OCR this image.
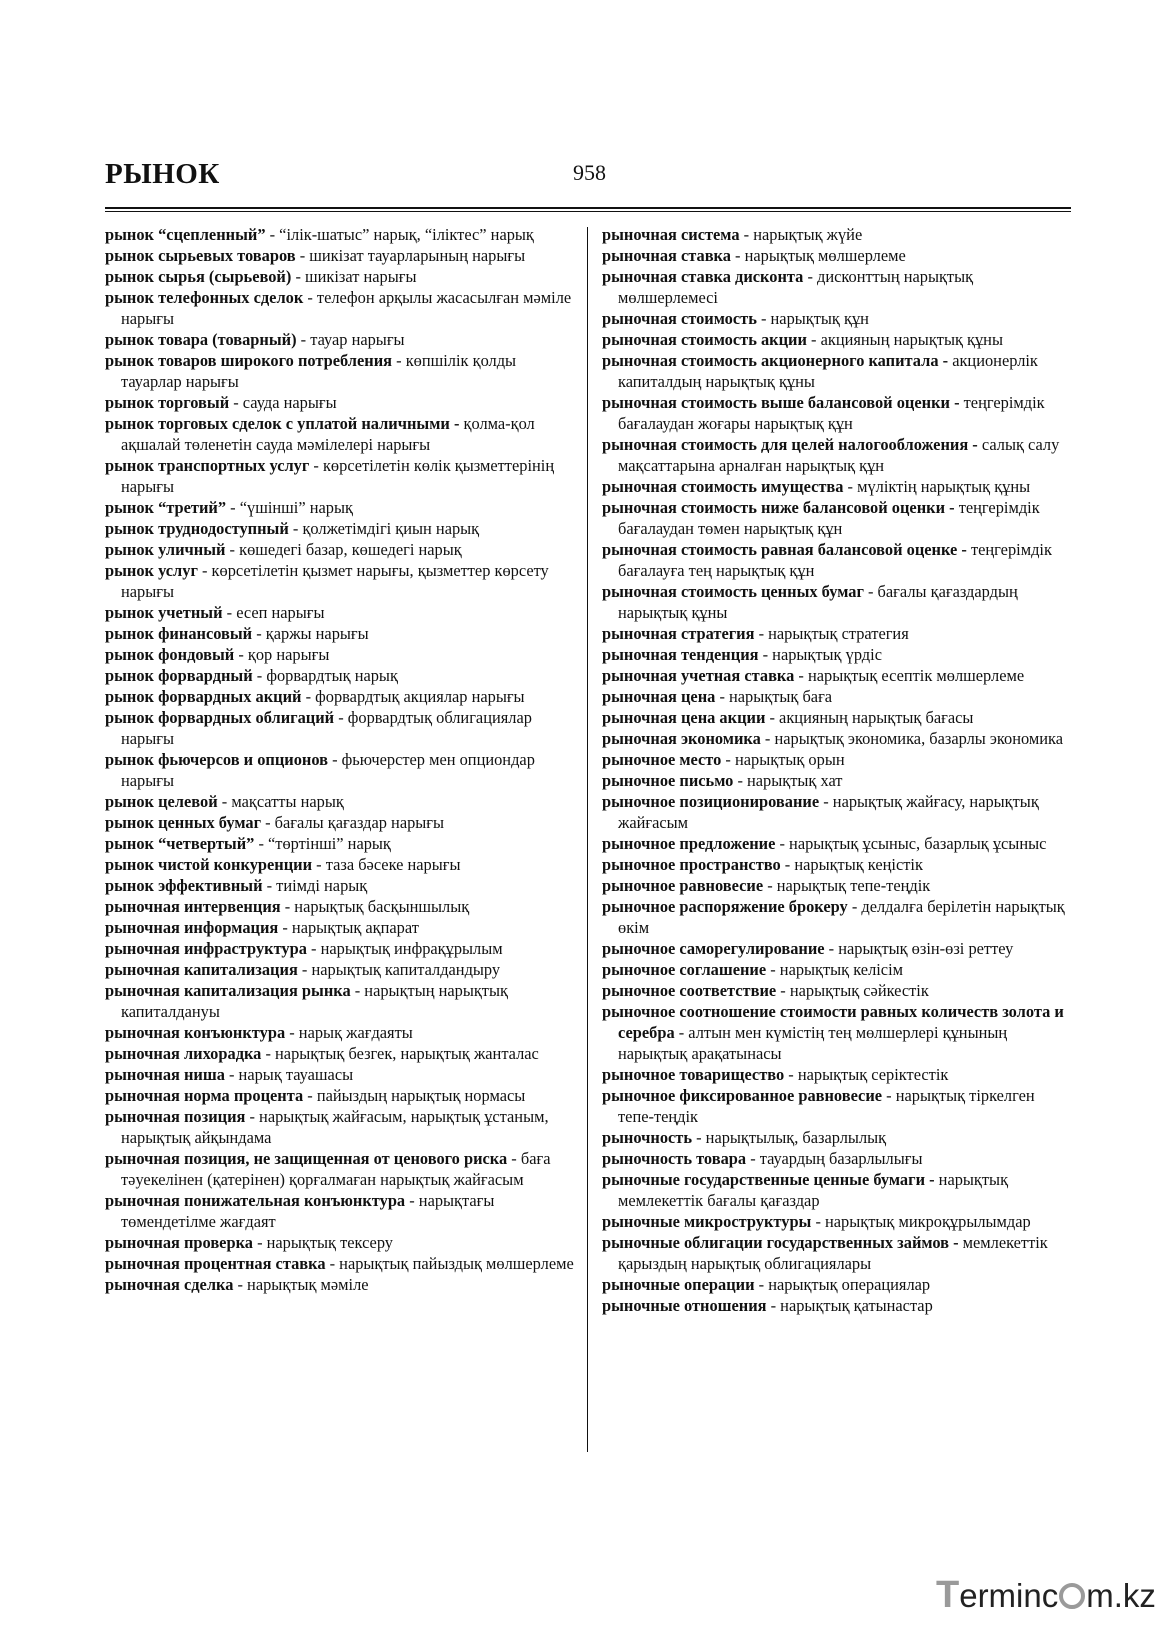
РЫНОК	958
рынок “сцепленный” - “ілік-шатыс” нарық, “іліктес” нарық
рынок сырьевых товаров - шикізат тауарларының нарығы
рынок сырья (сырьевой) - шикізат нарығы
рынок телефонных сделок - телефон арқылы жасасылған мәміле нарығы
рынок товара (товарный) - тауар нарығы
рынок товаров широкого потребления - көпшілік қолды тауарлар нарығы
рынок торговый - сауда нарығы
рынок торговых сделок с уплатой наличными - қолма-қол ақшалай төленетін сауда мәмілелері нарығы
рынок транспортных услуг - көрсетілетін көлік қызметтерінің нарығы
рынок “третий” - “үшінші” нарық
рынок труднодоступный - қолжетімдігі қиын нарық
рынок уличный - көшедегі базар, көшедегі нарық
рынок услуг - көрсетілетін қызмет нарығы, қызметтер көрсету нарығы
рынок учетный - есеп нарығы
рынок финансовый - қаржы нарығы
рынок фондовый - қор нарығы
рынок форвардный - форвардтық нарық
рынок форвардных акций - форвардтық акциялар нарығы
рынок форвардных облигаций - форвардтық облигациялар нарығы
рынок фьючерсов и опционов - фьючерстер мен опциондар нарығы
рынок целевой - мақсатты нарық
рынок ценных бумаг - бағалы қағаздар нарығы
рынок “четвертый” - “төртінші” нарық
рынок чистой конкуренции - таза бәсеке нарығы
рынок эффективный - тиімді нарық
рыночная интервенция - нарықтық басқыншылық
рыночная информация - нарықтық ақпарат
рыночная инфраструктура - нарықтық инфрақұрылым
рыночная капитализация - нарықтық капиталдандыру
рыночная капитализация рынка - нарықтың нарықтық капиталдануы
рыночная конъюнктура - нарық жағдаяты
рыночная лихорадка - нарықтық безгек, нарықтық жанталас
рыночная ниша - нарық тауашасы
рыночная норма процента - пайыздың нарықтық нормасы
рыночная позиция - нарықтық жайғасым, нарықтық ұстаным, нарықтық айқындама
рыночная позиция, не защищенная от ценового риска - баға тәуекелінен (қатерінен) қорғалмаған нарықтық жайғасым
рыночная понижательная конъюнктура - нарықтағы төмендетілме жағдаят
рыночная проверка - нарықтық тексеру
рыночная процентная ставка - нарықтық пайыздық мөлшерлеме
рыночная сделка - нарықтық мәміле
рыночная система - нарықтық жүйе
рыночная ставка - нарықтық мөлшерлеме
рыночная ставка дисконта - дисконттың нарықтық мөлшерлемесі
рыночная стоимость - нарықтық құн
рыночная стоимость акции - акцияның нарықтық құны
рыночная стоимость акционерного капитала - акционерлік капиталдың нарықтық құны
рыночная стоимость выше балансовой оценки - теңгерімдік бағалаудан жоғары нарықтық құн
рыночная стоимость для целей налогообложения - салық салу мақсаттарына арналған нарықтық құн
рыночная стоимость имущества - мүліктің нарықтық құны
рыночная стоимость ниже балансовой оценки - теңгерімдік бағалаудан төмен нарықтық құн
рыночная стоимость равная балансовой оценке - теңгерімдік бағалауға тең нарықтық құн
рыночная стоимость ценных бумаг - бағалы қағаздардың нарықтық құны
рыночная стратегия - нарықтық стратегия
рыночная тенденция - нарықтық үрдіс
рыночная учетная ставка - нарықтық есептік мөлшерлеме
рыночная цена - нарықтық баға
рыночная цена акции - акцияның нарықтық бағасы
рыночная экономика - нарықтық экономика, базарлы экономика
рыночное место - нарықтық орын
рыночное письмо - нарықтық хат
рыночное позиционирование - нарықтық жайғасу, нарықтық жайғасым
рыночное предложение - нарықтық ұсыныс, базарлық ұсыныс
рыночное пространство - нарықтық кеңістік
рыночное равновесие - нарықтық тепе-теңдік
рыночное распоряжение брокеру - делдалға берілетін нарықтық өкім
рыночное саморегулирование - нарықтық өзін-өзі реттеу
рыночное соглашение - нарықтық келісім
рыночное соответствие - нарықтық сәйкестік
рыночное соотношение стоимости равных количеств золота и серебра - алтын мен күмістің тең мөлшерлері құнының нарықтық арақатынасы
рыночное товарищество - нарықтық серіктестік
рыночное фиксированное равновесие - нарықтық тіркелген тепе-теңдік
рыночность - нарықтылық, базарлылық
рыночность товара - тауардың базарлылығы
рыночные государственные ценные бумаги - нарықтық мемлекеттік бағалы қағаздар
рыночные микроструктуры - нарықтық микроқұрылымдар
рыночные облигации государственных займов - мемлекеттік қарыздың нарықтық облигациялары
рыночные операции - нарықтық операциялар
рыночные отношения - нарықтық қатынастар
Terminc m.kz
